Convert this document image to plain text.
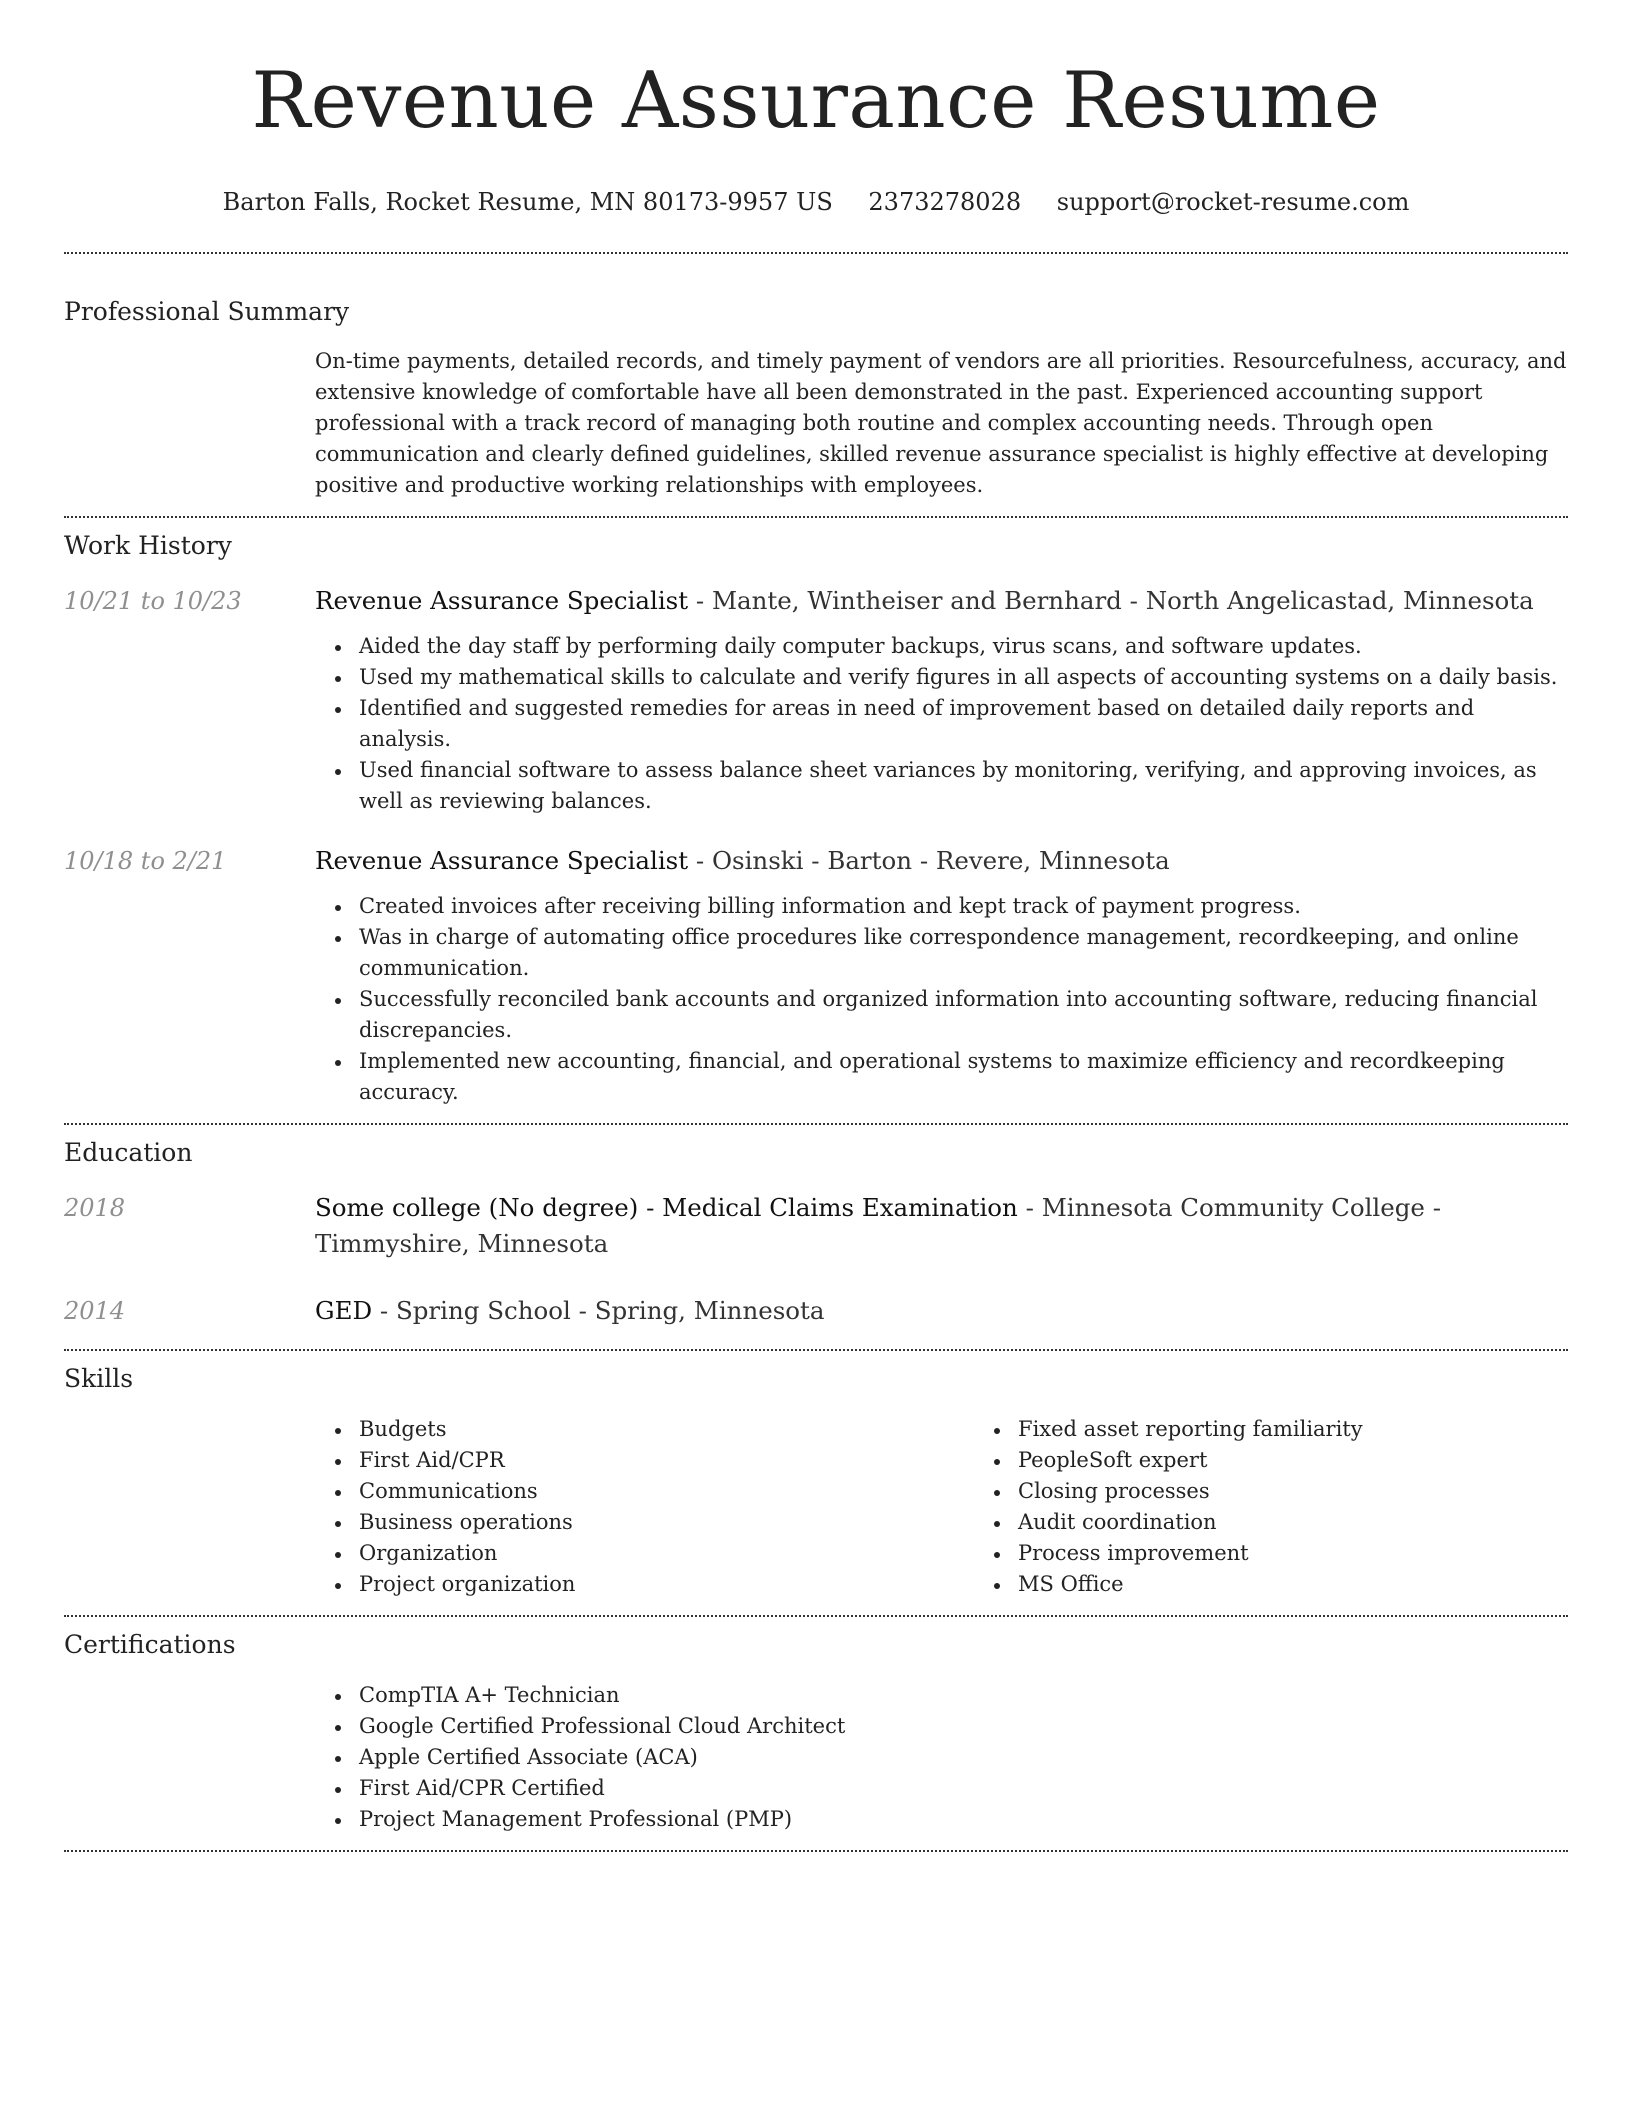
Revenue Assurance Resume
Barton Falls, Rocket Resume, MN 80173-9957 US 2373278028 support@rocket-resume.com
Professional Summary

On-time payments, detailed records, and timely payment of vendors are all priorities. Resourcefulness, accuracy, and extensive knowledge of comfortable have all been demonstrated in the past. Experienced accounting support professional with a track record of managing both routine and complex accounting needs. Through open communication and clearly defined guidelines, skilled revenue assurance specialist is highly effective at developing positive and productive working relationships with employees.

Work History
10/21 to 10/23	Revenue Assurance Specialist - Mante, Wintheiser and Bernhard - North Angelicastad, Minnesota
Aided the day staff by performing daily computer backups, virus scans, and software updates.
Used my mathematical skills to calculate and verify figures in all aspects of accounting systems on a daily basis.
Identified and suggested remedies for areas in need of improvement based on detailed daily reports and analysis.
Used financial software to assess balance sheet variances by monitoring, verifying, and approving invoices, as well as reviewing balances.
10/18 to 2/21	Revenue Assurance Specialist - Osinski - Barton - Revere, Minnesota
Created invoices after receiving billing information and kept track of payment progress.
Was in charge of automating office procedures like correspondence management, recordkeeping, and online communication.
Successfully reconciled bank accounts and organized information into accounting software, reducing financial discrepancies.
Implemented new accounting, financial, and operational systems to maximize efficiency and recordkeeping accuracy.
Education
2018	Some college (No degree) - Medical Claims Examination - Minnesota Community College - Timmyshire, Minnesota
2014	GED - Spring School - Spring, Minnesota
Skills
Budgets
First Aid/CPR
Communications
Business operations
Organization
Project organization
Fixed asset reporting familiarity
PeopleSoft expert
Closing processes
Audit coordination
Process improvement
MS Office
Certifications
CompTIA A+ Technician
Google Certified Professional Cloud Architect
Apple Certified Associate (ACA)
First Aid/CPR Certified
Project Management Professional (PMP)
